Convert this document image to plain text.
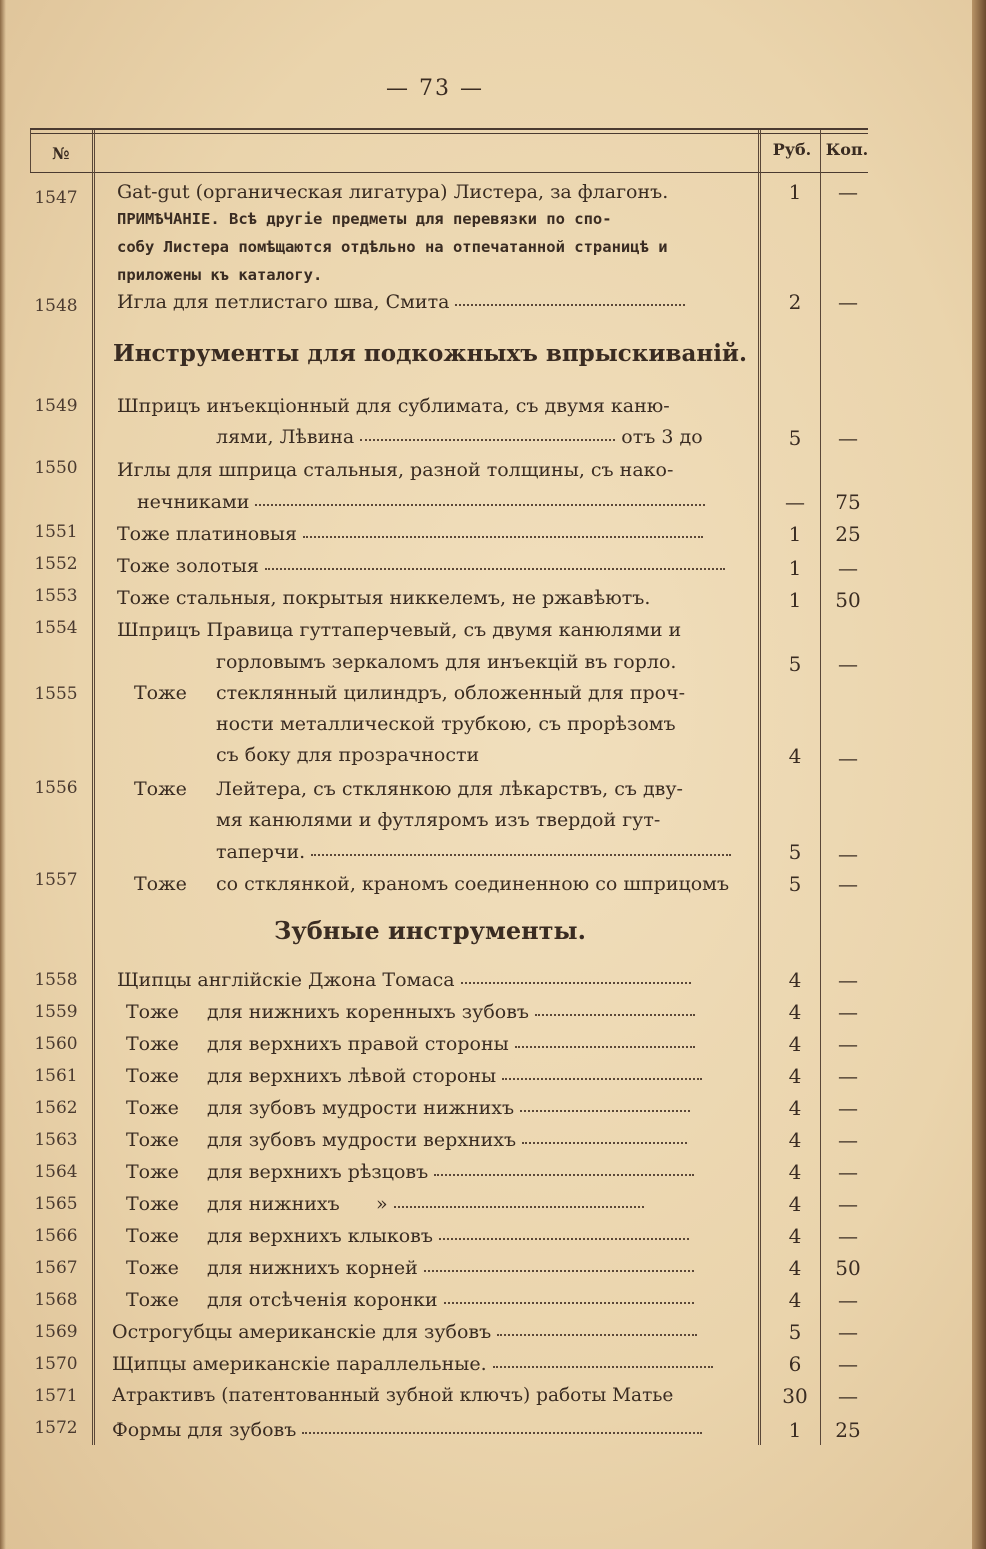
— 73 —
№	Руб. Коп.
1547 Gat-gut (органическая лигатура) Листера, за флагонъ.	1	—
ПРИМѢЧАНІЕ. Всѣ другіе предметы для перевязки по спо-
собу Листера помѣщаются отдѣльно на отпечатанной страницѣ и
приложены къ каталогу.
1548 Игла для петлистаго шва, Смита	2	—
Инструменты для подкожныхъ впрыскиваній.
1549 Шприцъ инъекціонный для сублимата, съ двумя каню-
лями, Лѣвина	отъ 3 до	5	—
1550 Иглы для шприца стальныя, разной толщины, съ нако-
нечниками	—	75
1551 Тоже платиновыя	1	25
1552 Тоже золотыя	1	—
1553 Тоже стальныя, покрытыя никкелемъ, не ржавѣютъ.	1	50
1554 Шприцъ Правица гуттаперчевый, съ двумя канюлями и
горловымъ зеркаломъ для инъекцій въ горло.	5	—
1555	Тоже стеклянный цилиндръ, обложенный для проч-
ности металлической трубкою, съ прорѣзомъ
съ боку для прозрачности	4	—
1556	Тоже Лейтера, съ стклянкою для лѣкарствъ, съ дву-
мя канюлями и футляромъ изъ твердой гут-
таперчи.	5	—
1557	Тоже со стклянкой, краномъ соединенною со шприцомъ	5	—
Зубные инструменты.
1558 Щипцы англійскіе Джона Томаса	4	—
1559	Тоже для нижнихъ коренныхъ зубовъ	4	—
1560	Тоже для верхнихъ правой стороны	4	—
1561	Тоже для верхнихъ лѣвой стороны	4	—
1562	Тоже для зубовъ мудрости нижнихъ	4	—
1563	Тоже для зубовъ мудрости верхнихъ	4	—
1564	Тоже для верхнихъ рѣзцовъ	4	—
1565	Тоже для нижнихъ      »	4	—
1566	Тоже для верхнихъ клыковъ	4	—
1567	Тоже для нижнихъ корней	4	50
1568	Тоже для отсѣченія коронки	4	—
1569 Острогубцы американскіе для зубовъ	5	—
1570 Щипцы американскіе параллельные.	6	—
1571 Атрактивъ (патентованный зубной ключъ) работы Матье	30	—
1572 Формы для зубовъ	1	25
